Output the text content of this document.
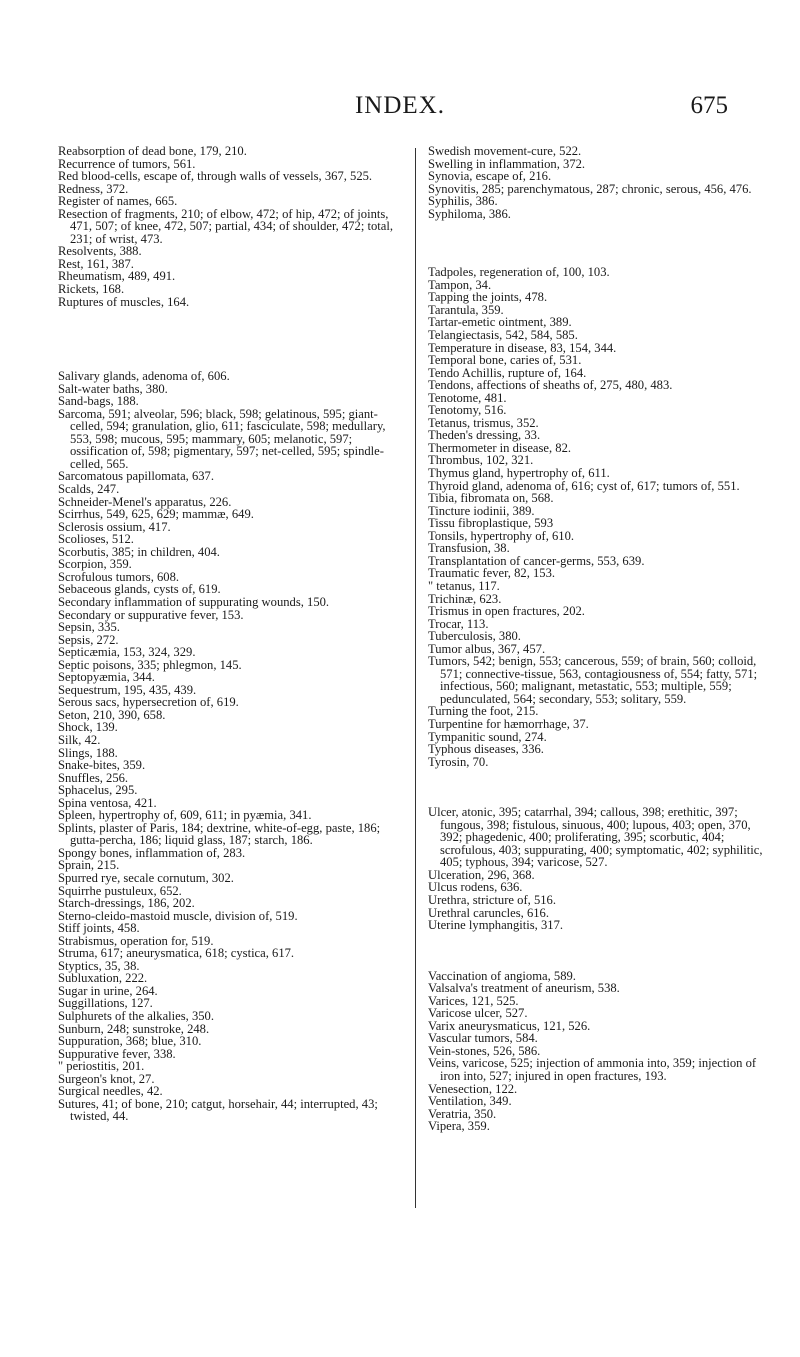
INDEX.	675

Reabsorption of dead bone, 179, 210.

Recurrence of tumors, 561.

Red blood-cells, escape of, through walls of vessels, 367, 525.

Redness, 372.

Register of names, 665.

Resection of fragments, 210; of elbow, 472; of hip, 472; of joints, 471, 507; of knee, 472, 507; partial, 434; of shoulder, 472; total, 231; of wrist, 473.

Resolvents, 388.

Rest, 161, 387.

Rheumatism, 489, 491.

Rickets, 168.

Ruptures of muscles, 164.

Salivary glands, adenoma of, 606.

Salt-water baths, 380.

Sand-bags, 188.

Sarcoma, 591; alveolar, 596; black, 598; gelatinous, 595; giant-celled, 594; granulation, glio, 611; fasciculate, 598; medullary, 553, 598; mucous, 595; mammary, 605; melanotic, 597; ossification of, 598; pigmentary, 597; net-celled, 595; spindle-celled, 565.

Sarcomatous papillomata, 637.

Scalds, 247.

Schneider-Menel's apparatus, 226.

Scirrhus, 549, 625, 629; mammæ, 649.

Sclerosis ossium, 417.

Scolioses, 512.

Scorbutis, 385; in children, 404.

Scorpion, 359.

Scrofulous tumors, 608.

Sebaceous glands, cysts of, 619.

Secondary inflammation of suppurating wounds, 150.

Secondary or suppurative fever, 153.

Sepsin, 335.

Sepsis, 272.

Septicæmia, 153, 324, 329.

Septic poisons, 335; phlegmon, 145.

Septopyæmia, 344.

Sequestrum, 195, 435, 439.

Serous sacs, hypersecretion of, 619.

Seton, 210, 390, 658.

Shock, 139.

Silk, 42.

Slings, 188.

Snake-bites, 359.

Snuffles, 256.

Sphacelus, 295.

Spina ventosa, 421.

Spleen, hypertrophy of, 609, 611; in pyæmia, 341.

Splints, plaster of Paris, 184; dextrine, white-of-egg, paste, 186; gutta-percha, 186; liquid glass, 187; starch, 186.

Spongy bones, inflammation of, 283.

Sprain, 215.

Spurred rye, secale cornutum, 302.

Squirrhe pustuleux, 652.

Starch-dressings, 186, 202.

Sterno-cleido-mastoid muscle, division of, 519.

Stiff joints, 458.

Strabismus, operation for, 519.

Struma, 617; aneurysmatica, 618; cystica, 617.

Styptics, 35, 38.

Subluxation, 222.

Sugar in urine, 264.

Suggillations, 127.

Sulphurets of the alkalies, 350.

Sunburn, 248; sunstroke, 248.

Suppuration, 368; blue, 310.

Suppurative fever, 338.

" periostitis, 201.

Surgeon's knot, 27.

Surgical needles, 42.

Sutures, 41; of bone, 210; catgut, horsehair, 44; interrupted, 43; twisted, 44.

Swedish movement-cure, 522.

Swelling in inflammation, 372.

Synovia, escape of, 216.

Synovitis, 285; parenchymatous, 287; chronic, serous, 456, 476.

Syphilis, 386.

Syphiloma, 386.

Tadpoles, regeneration of, 100, 103.

Tampon, 34.

Tapping the joints, 478.

Tarantula, 359.

Tartar-emetic ointment, 389.

Telangiectasis, 542, 584, 585.

Temperature in disease, 83, 154, 344.

Temporal bone, caries of, 531.

Tendo Achillis, rupture of, 164.

Tendons, affections of sheaths of, 275, 480, 483.

Tenotome, 481.

Tenotomy, 516.

Tetanus, trismus, 352.

Theden's dressing, 33.

Thermometer in disease, 82.

Thrombus, 102, 321.

Thymus gland, hypertrophy of, 611.

Thyroid gland, adenoma of, 616; cyst of, 617; tumors of, 551.

Tibia, fibromata on, 568.

Tincture iodinii, 389.

Tissu fibroplastique, 593

Tonsils, hypertrophy of, 610.

Transfusion, 38.

Transplantation of cancer-germs, 553, 639.

Traumatic fever, 82, 153.

" tetanus, 117.

Trichinæ, 623.

Trismus in open fractures, 202.

Trocar, 113.

Tuberculosis, 380.

Tumor albus, 367, 457.

Tumors, 542; benign, 553; cancerous, 559; of brain, 560; colloid, 571; connective-tissue, 563, contagiousness of, 554; fatty, 571; infectious, 560; malignant, metastatic, 553; multiple, 559; pedunculated, 564; secondary, 553; solitary, 559.

Turning the foot, 215.

Turpentine for hæmorrhage, 37.

Tympanitic sound, 274.

Typhous diseases, 336.

Tyrosin, 70.

Ulcer, atonic, 395; catarrhal, 394; callous, 398; erethitic, 397; fungous, 398; fistulous, sinuous, 400; lupous, 403; open, 370, 392; phagedenic, 400; proliferating, 395; scorbutic, 404; scrofulous, 403; suppurating, 400; symptomatic, 402; syphilitic, 405; typhous, 394; varicose, 527.

Ulceration, 296, 368.

Ulcus rodens, 636.

Urethra, stricture of, 516.

Urethral caruncles, 616.

Uterine lymphangitis, 317.

Vaccination of angioma, 589.

Valsalva's treatment of aneurism, 538.

Varices, 121, 525.

Varicose ulcer, 527.

Varix aneurysmaticus, 121, 526.

Vascular tumors, 584.

Vein-stones, 526, 586.

Veins, varicose, 525; injection of ammonia into, 359; injection of iron into, 527; injured in open fractures, 193.

Venesection, 122.

Ventilation, 349.

Veratria, 350.

Vipera, 359.
